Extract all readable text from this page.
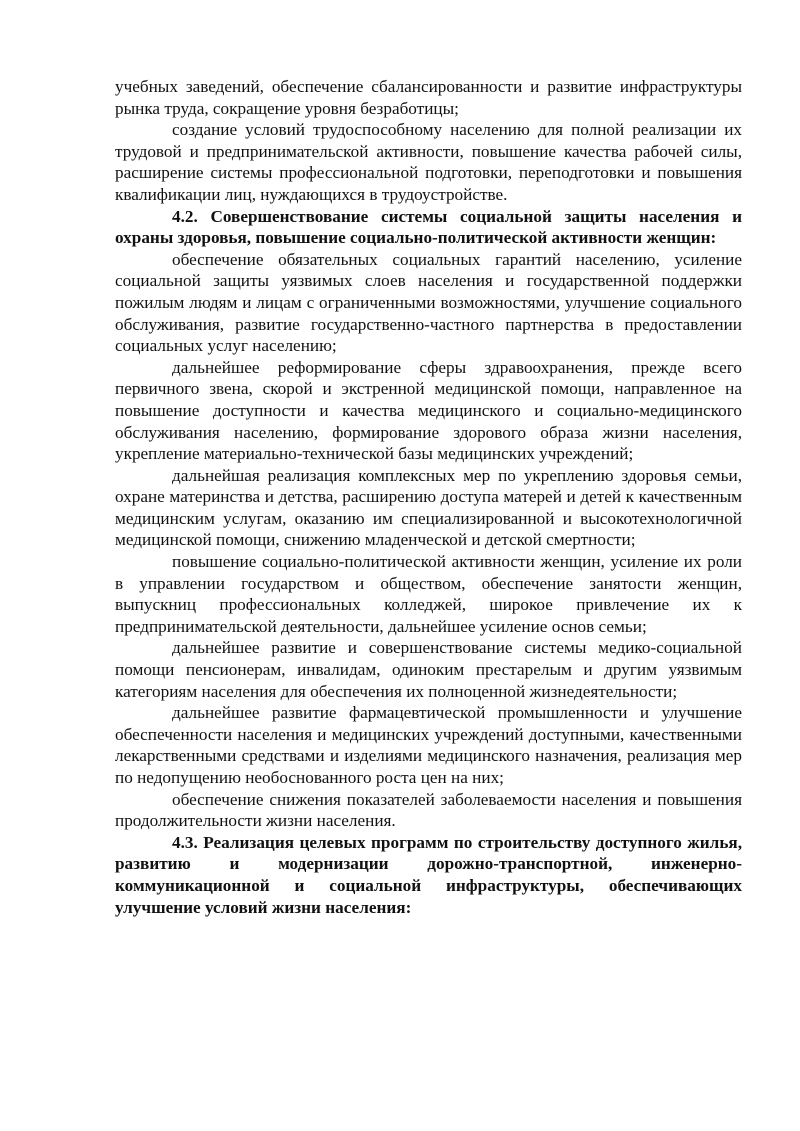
учебных заведений, обеспечение сбалансированности и развитие инфраструктуры рынка труда, сокращение уровня безработицы;

создание условий трудоспособному населению для полной реализации их трудовой и предпринимательской активности, повышение качества рабочей силы, расширение системы профессиональной подготовки, переподготовки и повышения квалификации лиц, нуждающихся в трудоустройстве.

4.2. Совершенствование системы социальной защиты населения и охраны здоровья, повышение социально-политической активности женщин:

обеспечение обязательных социальных гарантий населению, усиление социальной защиты уязвимых слоев населения и государственной поддержки пожилым людям и лицам с ограниченными возможностями, улучшение социального обслуживания, развитие государственно-частного партнерства в предоставлении социальных услуг населению;

дальнейшее реформирование сферы здравоохранения, прежде всего первичного звена, скорой и экстренной медицинской помощи, направленное на повышение доступности и качества медицинского и социально-медицинского обслуживания населению, формирование здорового образа жизни населения, укрепление материально-технической базы медицинских учреждений;

дальнейшая реализация комплексных мер по укреплению здоровья семьи, охране материнства и детства, расширению доступа матерей и детей к качественным медицинским услугам, оказанию им специализированной и высокотехнологичной медицинской помощи, снижению младенческой и детской смертности;

повышение социально-политической активности женщин, усиление их роли в управлении государством и обществом, обеспечение занятости женщин, выпускниц профессиональных колледжей, широкое привлечение их к предпринимательской деятельности, дальнейшее усиление основ семьи;

дальнейшее развитие и совершенствование системы медико-социальной помощи пенсионерам, инвалидам, одиноким престарелым и другим уязвимым категориям населения для обеспечения их полноценной жизнедеятельности;

дальнейшее развитие фармацевтической промышленности и улучшение обеспеченности населения и медицинских учреждений доступными, качественными лекарственными средствами и изделиями медицинского назначения, реализация мер по недопущению необоснованного роста цен на них;

обеспечение снижения показателей заболеваемости населения и повышения продолжительности жизни населения.

4.3. Реализация целевых программ по строительству доступного жилья, развитию и модернизации дорожно-транспортной, инженерно-коммуникационной и социальной инфраструктуры, обеспечивающих улучшение условий жизни населения:
